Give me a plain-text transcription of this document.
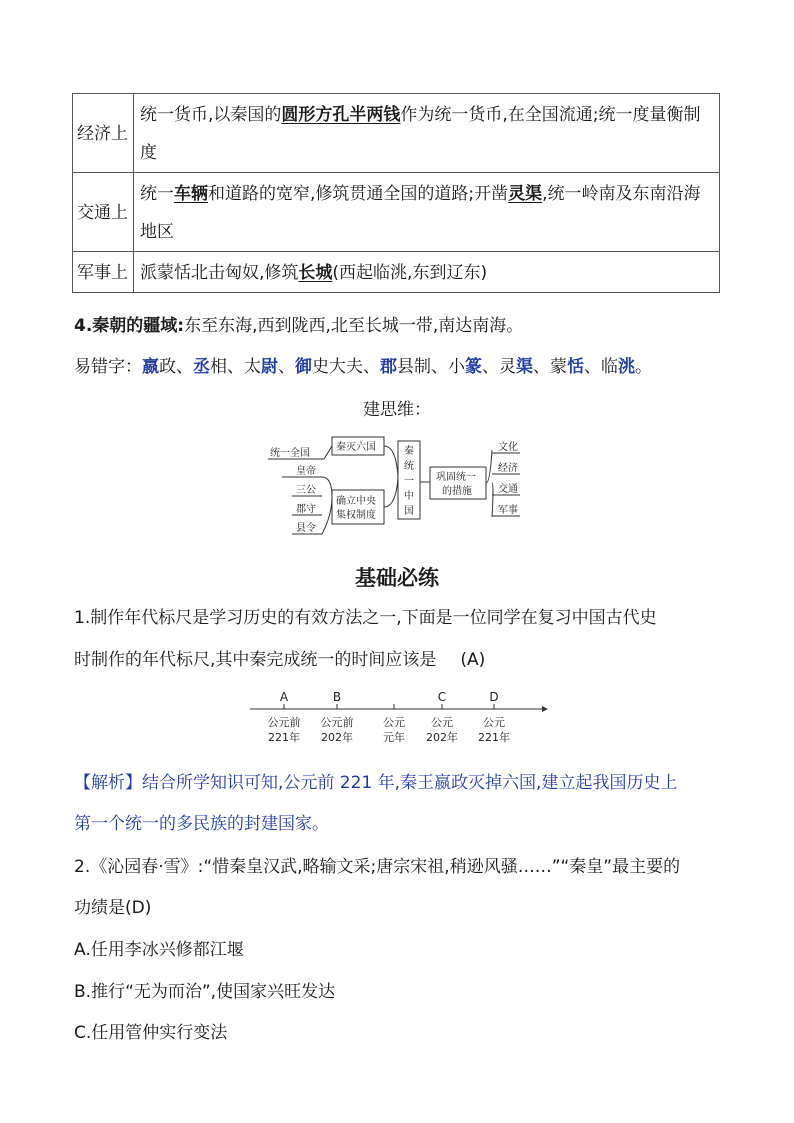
经济上	统一货币,以秦国的圆形方孔半两钱作为统一货币,在全国流通;统一度量衡制度
交通上	统一车辆和道路的宽窄,修筑贯通全国的道路;开凿灵渠,统一岭南及东南沿海地区
军事上	派蒙恬北击匈奴,修筑长城(西起临洮,东到辽东)
4.秦朝的疆域:东至东海,西到陇西,北至长城一带,南达南海。
易错字：嬴政、丞相、太尉、御史大夫、郡县制、小篆、灵渠、蒙恬、临洮。
建思维：
统一全国
皇帝
三公
郡守
县令
秦灭六国
确立中央
集权制度
秦
统
一
中
国
巩固统一
的措施
文化
经济
交通
军事
基础必练
1.制作年代标尺是学习历史的有效方法之一,下面是一位同学在复习中国古代史
时制作的年代标尺,其中秦完成统一的时间应该是 (A)
A
公元前
221年
B
公元前
202年
公元
元年
C
公元
202年
D
公元
221年
【解析】结合所学知识可知,公元前 221 年,秦王嬴政灭掉六国,建立起我国历史上
第一个统一的多民族的封建国家。
2.《沁园春·雪》:“惜秦皇汉武,略输文采;唐宗宋祖,稍逊风骚……”“秦皇”最主要的
功绩是(D)
A.任用李冰兴修都江堰
B.推行“无为而治”,使国家兴旺发达
C.任用管仲实行变法
